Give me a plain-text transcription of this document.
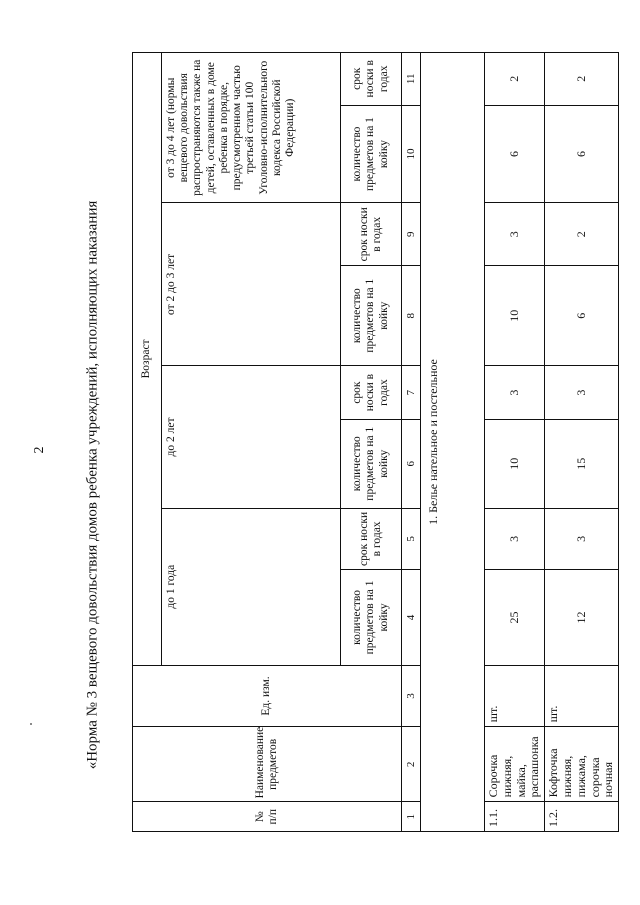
2	«Норма № 3 вещевого довольствия домов ребенка учреждений, исполняющих наказания
№ п/п	Наименование предметов	Ед. изм.	Возраст							
			до 1 года		до 2 лет		от 2 до 3 лет		от 3 до 4 лет (нормы вещевого довольствия распространяются также на детей, оставленных в доме ребенка в порядке, предусмотренном частью третьей статьи 100 Уголовно-исполнительного кодекса Российской Федерации)	
			количество предметов на 1 койку	срок носки в годах	количество предметов на 1 койку	срок носки в годах	количество предметов на 1 койку	срок носки в годах	количество предметов на 1 койку	срок носки в годах
1	2	3	4	5	6	7	8	9	10	11
1. Белье нательное и постельное										
1.1.	Сорочка нижняя, майка, распашонка	шт.	25	3	10	3	10	3	6	2
1.2.	Кофточка нижняя, пижама, сорочка ночная	шт.	12	3	15	3	6	2	6	2
